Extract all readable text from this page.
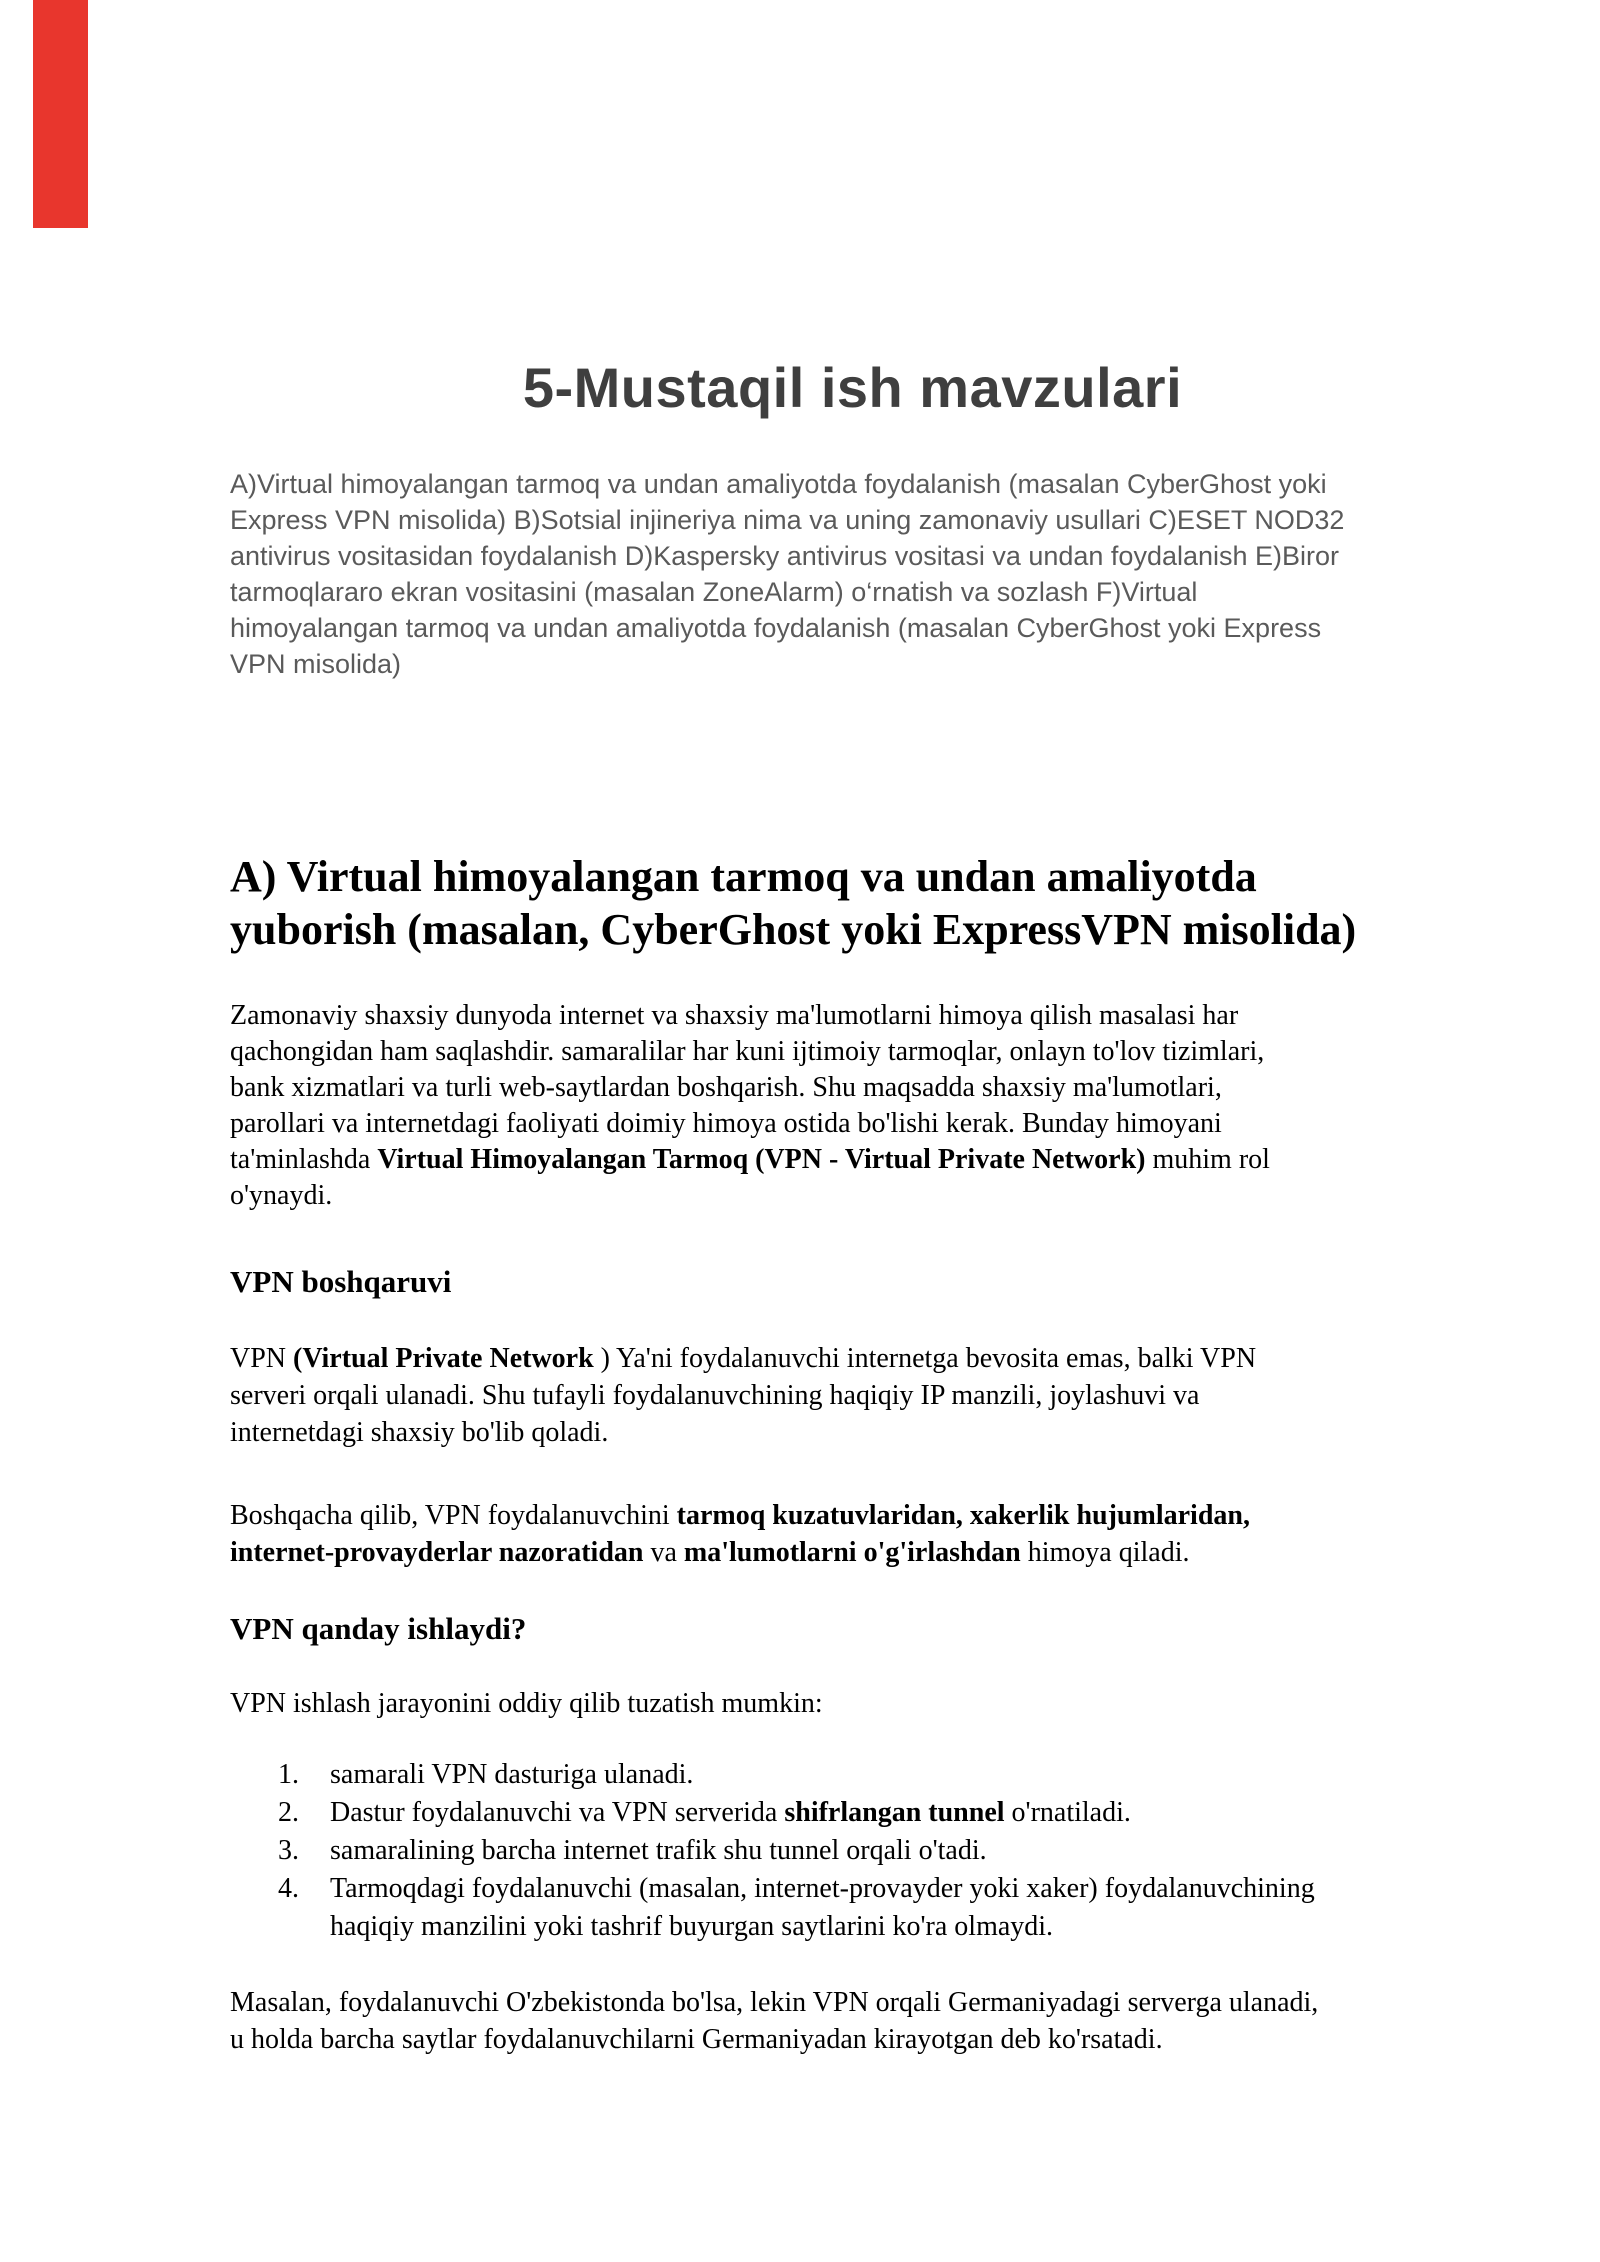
5-Mustaqil ish mavzulari
A)Virtual himoyalangan tarmoq va undan amaliyotda foydalanish (masalan CyberGhost yoki
Express VPN misolida) B)Sotsial injineriya nima va uning zamonaviy usullari C)ESET NOD32
antivirus vositasidan foydalanish D)Kaspersky antivirus vositasi va undan foydalanish E)Biror
tarmoqlararo ekran vositasini (masalan ZoneAlarm) o‘rnatish va sozlash F)Virtual
himoyalangan tarmoq va undan amaliyotda foydalanish (masalan CyberGhost yoki Express
VPN misolida)
A) Virtual himoyalangan tarmoq va undan amaliyotda
yuborish (masalan, CyberGhost yoki ExpressVPN misolida)
Zamonaviy shaxsiy dunyoda internet va shaxsiy ma'lumotlarni himoya qilish masalasi har
qachongidan ham saqlashdir. samaralilar har kuni ijtimoiy tarmoqlar, onlayn to'lov tizimlari,
bank xizmatlari va turli web-saytlardan boshqarish. Shu maqsadda shaxsiy ma'lumotlari,
parollari va internetdagi faoliyati doimiy himoya ostida bo'lishi kerak. Bunday himoyani
ta'minlashda Virtual Himoyalangan Tarmoq (VPN - Virtual Private Network) muhim rol
o'ynaydi.
VPN boshqaruvi
VPN (Virtual Private Network ) Ya'ni foydalanuvchi internetga bevosita emas, balki VPN
serveri orqali ulanadi. Shu tufayli foydalanuvchining haqiqiy IP manzili, joylashuvi va
internetdagi shaxsiy bo'lib qoladi.
Boshqacha qilib, VPN foydalanuvchini tarmoq kuzatuvlaridan, xakerlik hujumlaridan,
internet-provayderlar nazoratidan va ma'lumotlarni o'g'irlashdan himoya qiladi.
VPN qanday ishlaydi?
VPN ishlash jarayonini oddiy qilib tuzatish mumkin:
1.	samarali VPN dasturiga ulanadi.
2.	Dastur foydalanuvchi va VPN serverida shifrlangan tunnel o'rnatiladi.
3.	samaralining barcha internet trafik shu tunnel orqali o'tadi.
4.	Tarmoqdagi foydalanuvchi (masalan, internet-provayder yoki xaker) foydalanuvchining
haqiqiy manzilini yoki tashrif buyurgan saytlarini ko'ra olmaydi.
Masalan, foydalanuvchi O'zbekistonda bo'lsa, lekin VPN orqali Germaniyadagi serverga ulanadi,
u holda barcha saytlar foydalanuvchilarni Germaniyadan kirayotgan deb ko'rsatadi.
